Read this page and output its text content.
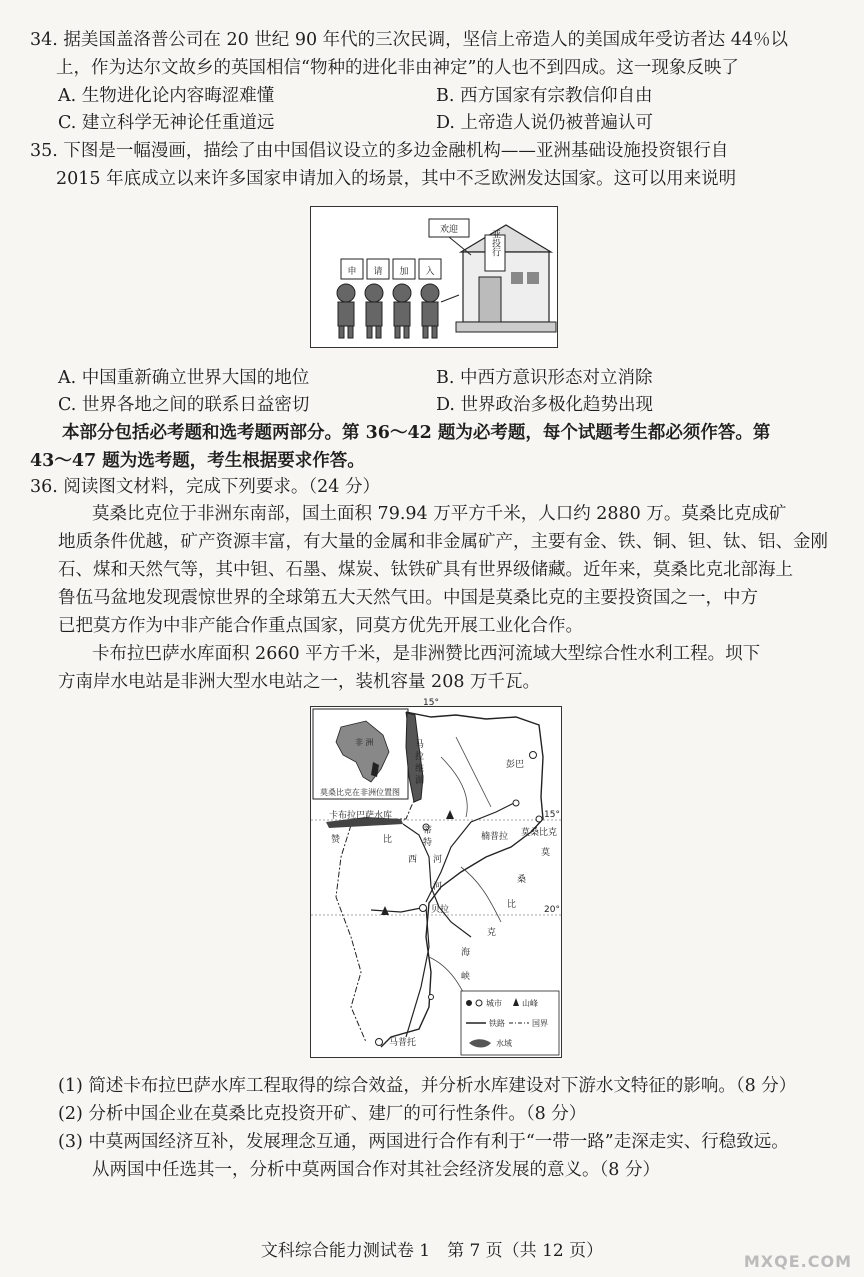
34. 据美国盖洛普公司在 20 世纪 90 年代的三次民调，坚信上帝造人的美国成年受访者达 44％以
上，作为达尔文故乡的英国相信“物种的进化非由神定”的人也不到四成。这一现象反映了
A. 生物进化论内容晦涩难懂	B. 西方国家有宗教信仰自由
C. 建立科学无神论任重道远	D. 上帝造人说仍被普遍认可
35. 下图是一幅漫画，描绘了由中国倡议设立的多边金融机构——亚洲基础设施投资银行自
2015 年底成立以来许多国家申请加入的场景，其中不乏欧洲发达国家。这可以用来说明
亚投行
欢迎
申 请 加 入
A. 中国重新确立世界大国的地位	B. 中西方意识形态对立消除
C. 世界各地之间的联系日益密切	D. 世界政治多极化趋势出现
本部分包括必考题和选考题两部分。第 36～42 题为必考题，每个试题考生都必须作答。第
43～47 题为选考题，考生根据要求作答。
36. 阅读图文材料，完成下列要求。（24 分）
莫桑比克位于非洲东南部，国土面积 79.94 万平方千米，人口约 2880 万。莫桑比克成矿
地质条件优越，矿产资源丰富，有大量的金属和非金属矿产，主要有金、铁、铜、钽、钛、铝、金刚
石、煤和天然气等，其中钽、石墨、煤炭、钛铁矿具有世界级储藏。近年来，莫桑比克北部海上
鲁伍马盆地发现震惊世界的全球第五大天然气田。中国是莫桑比克的主要投资国之一，中方
已把莫方作为中非产能合作重点国家，同莫方优先开展工业化合作。
卡布拉巴萨水库面积 2660 平方千米，是非洲赞比西河流域大型综合性水利工程。坝下
方南岸水电站是非洲大型水电站之一，装机容量 208 万千瓦。
15°
20°
15°
非 洲
莫桑比克在非洲位置图
马
拉
维
湖
卡布拉巴萨水库
彭巴
楠普拉 莫桑比克
蒂
特
贝拉
马普托
赞	比
西 河
河
莫
桑
比
克
海
峡
城市	山峰
铁路	国界
水域
(1) 简述卡布拉巴萨水库工程取得的综合效益，并分析水库建设对下游水文特征的影响。（8 分）
(2) 分析中国企业在莫桑比克投资开矿、建厂的可行性条件。（8 分）
(3) 中莫两国经济互补，发展理念互通，两国进行合作有利于“一带一路”走深走实、行稳致远。
从两国中任选其一，分析中莫两国合作对其社会经济发展的意义。（8 分）
文科综合能力测试卷 1　第 7 页（共 12 页）
MXQE.COM
